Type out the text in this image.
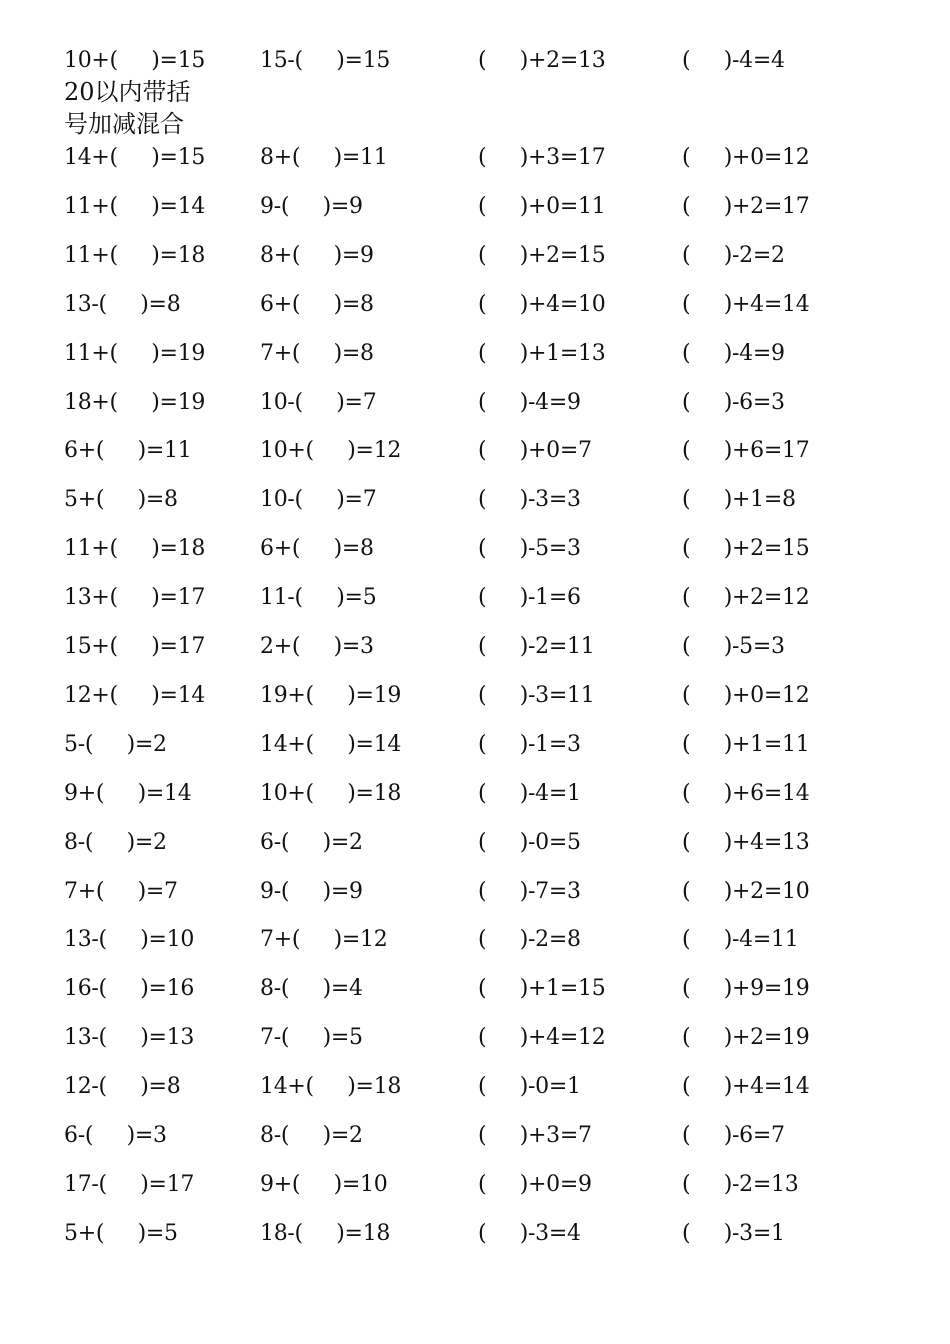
20以内带括
号加减混合
10+(     )=15 15-(     )=15	(     )+2=13	(     )-4=4
14+(     )=15 8+(     )=11	(     )+3=17	(     )+0=12
11+(     )=14 9-(     )=9	(     )+0=11	(     )+2=17
11+(     )=18 8+(     )=9	(     )+2=15	(     )-2=2
13-(     )=8	6+(     )=8	(     )+4=10	(     )+4=14
11+(     )=19 7+(     )=8	(     )+1=13	(     )-4=9
18+(     )=19 10-(     )=7	(     )-4=9	(     )-6=3
6+(     )=11	10+(     )=12	(     )+0=7	(     )+6=17
5+(     )=8	10-(     )=7	(     )-3=3	(     )+1=8
11+(     )=18 6+(     )=8	(     )-5=3	(     )+2=15
13+(     )=17 11-(     )=5	(     )-1=6	(     )+2=12
15+(     )=17 2+(     )=3	(     )-2=11	(     )-5=3
12+(     )=14 19+(     )=19	(     )-3=11	(     )+0=12
5-(     )=2	14+(     )=14	(     )-1=3	(     )+1=11
9+(     )=14	10+(     )=18	(     )-4=1	(     )+6=14
8-(     )=2	6-(     )=2	(     )-0=5	(     )+4=13
7+(     )=7	9-(     )=9	(     )-7=3	(     )+2=10
13-(     )=10	7+(     )=12	(     )-2=8	(     )-4=11
16-(     )=16	8-(     )=4	(     )+1=15	(     )+9=19
13-(     )=13	7-(     )=5	(     )+4=12	(     )+2=19
12-(     )=8	14+(     )=18	(     )-0=1	(     )+4=14
6-(     )=3	8-(     )=2	(     )+3=7	(     )-6=7
17-(     )=17	9+(     )=10	(     )+0=9	(     )-2=13
5+(     )=5	18-(     )=18	(     )-3=4	(     )-3=1
